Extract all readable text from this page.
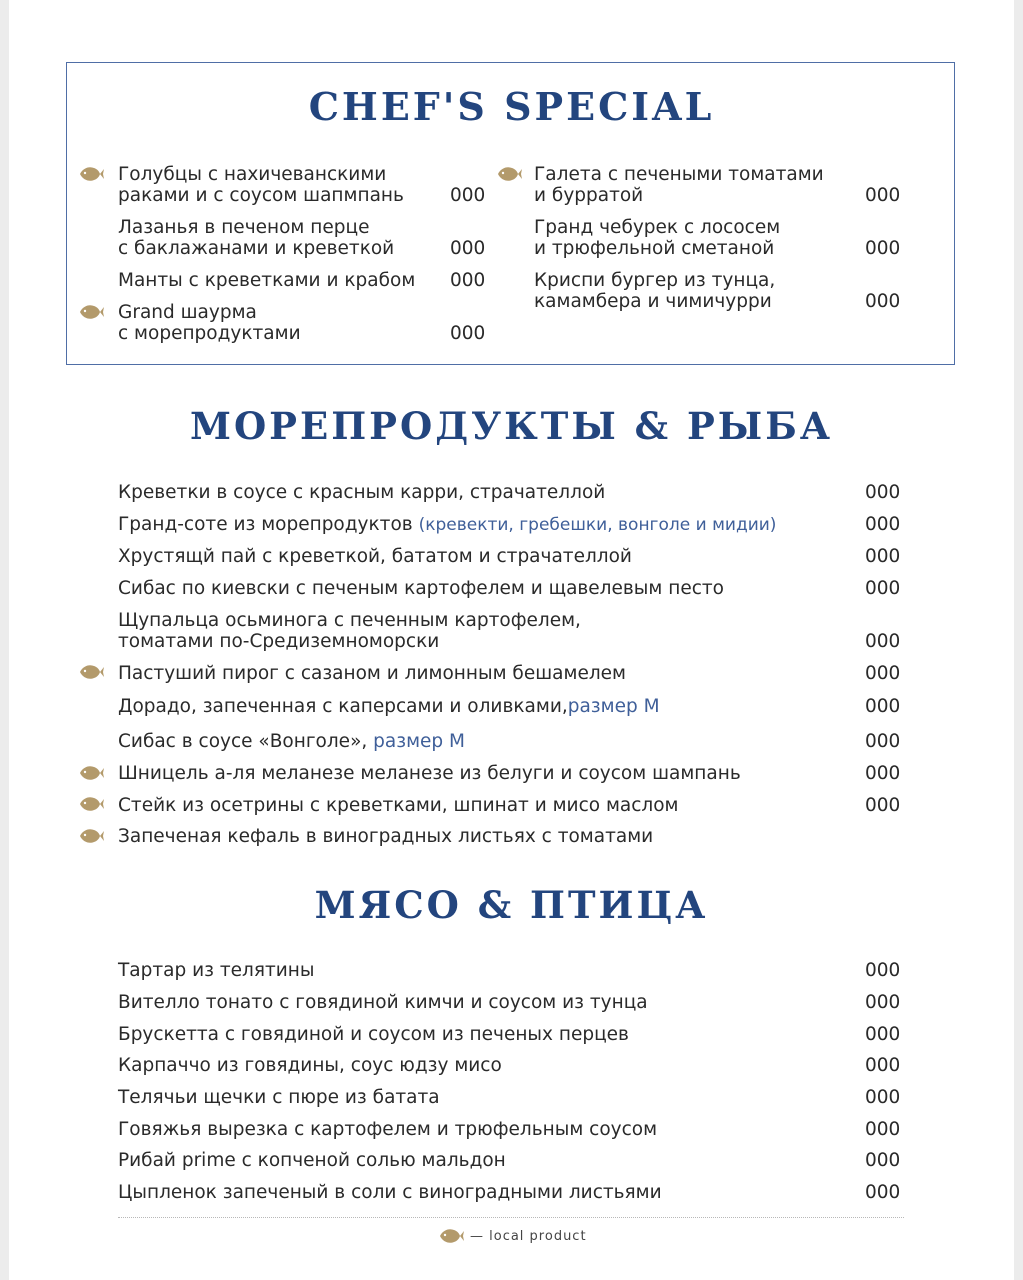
CHEF'S SPECIAL
Голубцы с нахичеванскими
раками и с соусом шапмпань 000
Лазанья в печеном перце
с баклажанами и креветкой	000
Манты с креветками и крабом 000
Grand шаурма
с морепродуктами	000
Галета с печеными томатами
и бурратой	000
Гранд чебурек с лососем
и трюфельной сметаной	000
Криспи бургер из тунца,
камамбера и чимичурри	000
МОРЕПРОДУКТЫ & РЫБА
Креветки в соусе с красным карри, страчателлой	000
Гранд-соте из морепродуктов (кревекти, гребешки, вонголе и мидии)	000
Хрустящй пай с креветкой, бататом и страчателлой	000
Сибас по киевски с печеным картофелем и щавелевым песто	000
Щупальца осьминога с печенным картофелем,
томатами по-Средиземноморски	000
Пастуший пирог с сазаном и лимонным бешамелем	000
Дорадо, запеченная с каперсами и оливками,размер М	000
Сибас в соусе «Вонголе», размер М	000
Шницель а-ля меланезе меланезе из белуги и соусом шампань	000
Стейк из осетрины с креветками, шпинат и мисо маслом	000
Запеченая кефаль в виноградных листьях с томатами
МЯСО & ПТИЦА
Тартар из телятины	000
Вителло тонато с говядиной кимчи и соусом из тунца	000
Брускетта с говядиной и соусом из печеных перцев	000
Карпаччо из говядины, соус юдзу мисо	000
Телячьи щечки с пюре из батата	000
Говяжья вырезка с картофелем и трюфельным соусом	000
Рибай prime с копченой солью мальдон	000
Цыпленок запеченый в соли с виноградными листьями	000
— local product
